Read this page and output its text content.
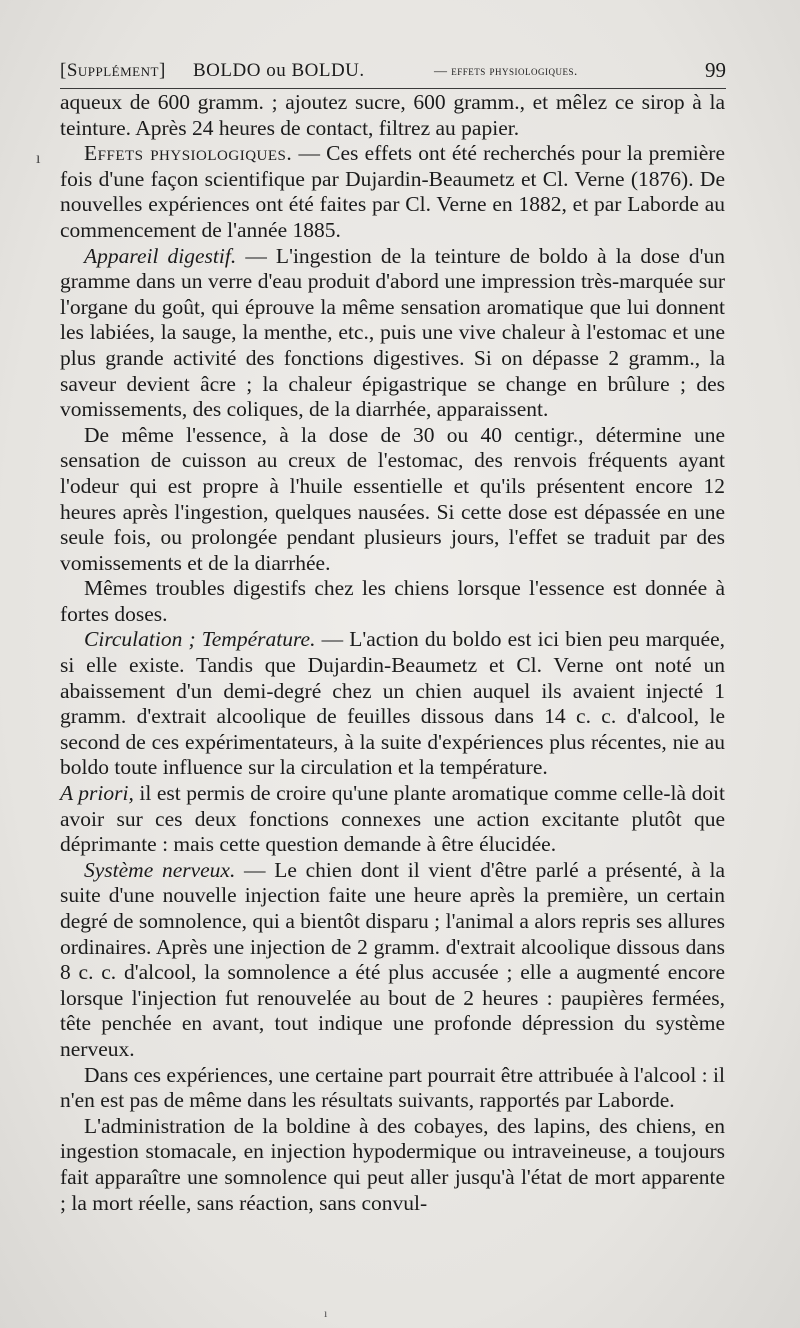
[Supplément] BOLDO ou BOLDU.	— effets physiologiques.	99
ı

aqueux de 600 gramm. ; ajoutez sucre, 600 gramm., et mêlez ce sirop à la teinture. Après 24 heures de contact, filtrez au papier.

Effets physiologiques. — Ces effets ont été recherchés pour la première fois d'une façon scientifique par Dujardin-Beaumetz et Cl. Verne (1876). De nouvelles expériences ont été faites par Cl. Verne en 1882, et par Laborde au commencement de l'année 1885.

Appareil digestif. — L'ingestion de la teinture de boldo à la dose d'un gramme dans un verre d'eau produit d'abord une impression très-marquée sur l'organe du goût, qui éprouve la même sensation aromatique que lui donnent les labiées, la sauge, la menthe, etc., puis une vive chaleur à l'estomac et une plus grande activité des fonctions digestives. Si on dépasse 2 gramm., la saveur devient âcre ; la chaleur épigastrique se change en brûlure ; des vomissements, des coliques, de la diarrhée, apparaissent.

De même l'essence, à la dose de 30 ou 40 centigr., détermine une sensation de cuisson au creux de l'estomac, des renvois fréquents ayant l'odeur qui est propre à l'huile essentielle et qu'ils présentent encore 12 heures après l'ingestion, quelques nausées. Si cette dose est dépassée en une seule fois, ou prolongée pendant plusieurs jours, l'effet se traduit par des vomissements et de la diarrhée.

Mêmes troubles digestifs chez les chiens lorsque l'essence est donnée à fortes doses.

Circulation ; Température. — L'action du boldo est ici bien peu marquée, si elle existe. Tandis que Dujardin-Beaumetz et Cl. Verne ont noté un abaissement d'un demi-degré chez un chien auquel ils avaient injecté 1 gramm. d'extrait alcoolique de feuilles dissous dans 14 c. c. d'alcool, le second de ces expérimentateurs, à la suite d'expériences plus récentes, nie au boldo toute influence sur la circulation et la température.

A priori, il est permis de croire qu'une plante aromatique comme celle-là doit avoir sur ces deux fonctions connexes une action excitante plutôt que déprimante : mais cette question demande à être élucidée.

Système nerveux. — Le chien dont il vient d'être parlé a présenté, à la suite d'une nouvelle injection faite une heure après la première, un certain degré de somnolence, qui a bientôt disparu ; l'animal a alors repris ses allures ordinaires. Après une injection de 2 gramm. d'extrait alcoolique dissous dans 8 c. c. d'alcool, la somnolence a été plus accusée ; elle a augmenté encore lorsque l'injection fut renouvelée au bout de 2 heures : paupières fermées, tête penchée en avant, tout indique une profonde dépression du système nerveux.

Dans ces expériences, une certaine part pourrait être attribuée à l'alcool : il n'en est pas de même dans les résultats suivants, rapportés par Laborde.

L'administration de la boldine à des cobayes, des lapins, des chiens, en ingestion stomacale, en injection hypodermique ou intraveineuse, a toujours fait apparaître une somnolence qui peut aller jusqu'à l'état de mort apparente ; la mort réelle, sans réaction, sans convul-

ı
